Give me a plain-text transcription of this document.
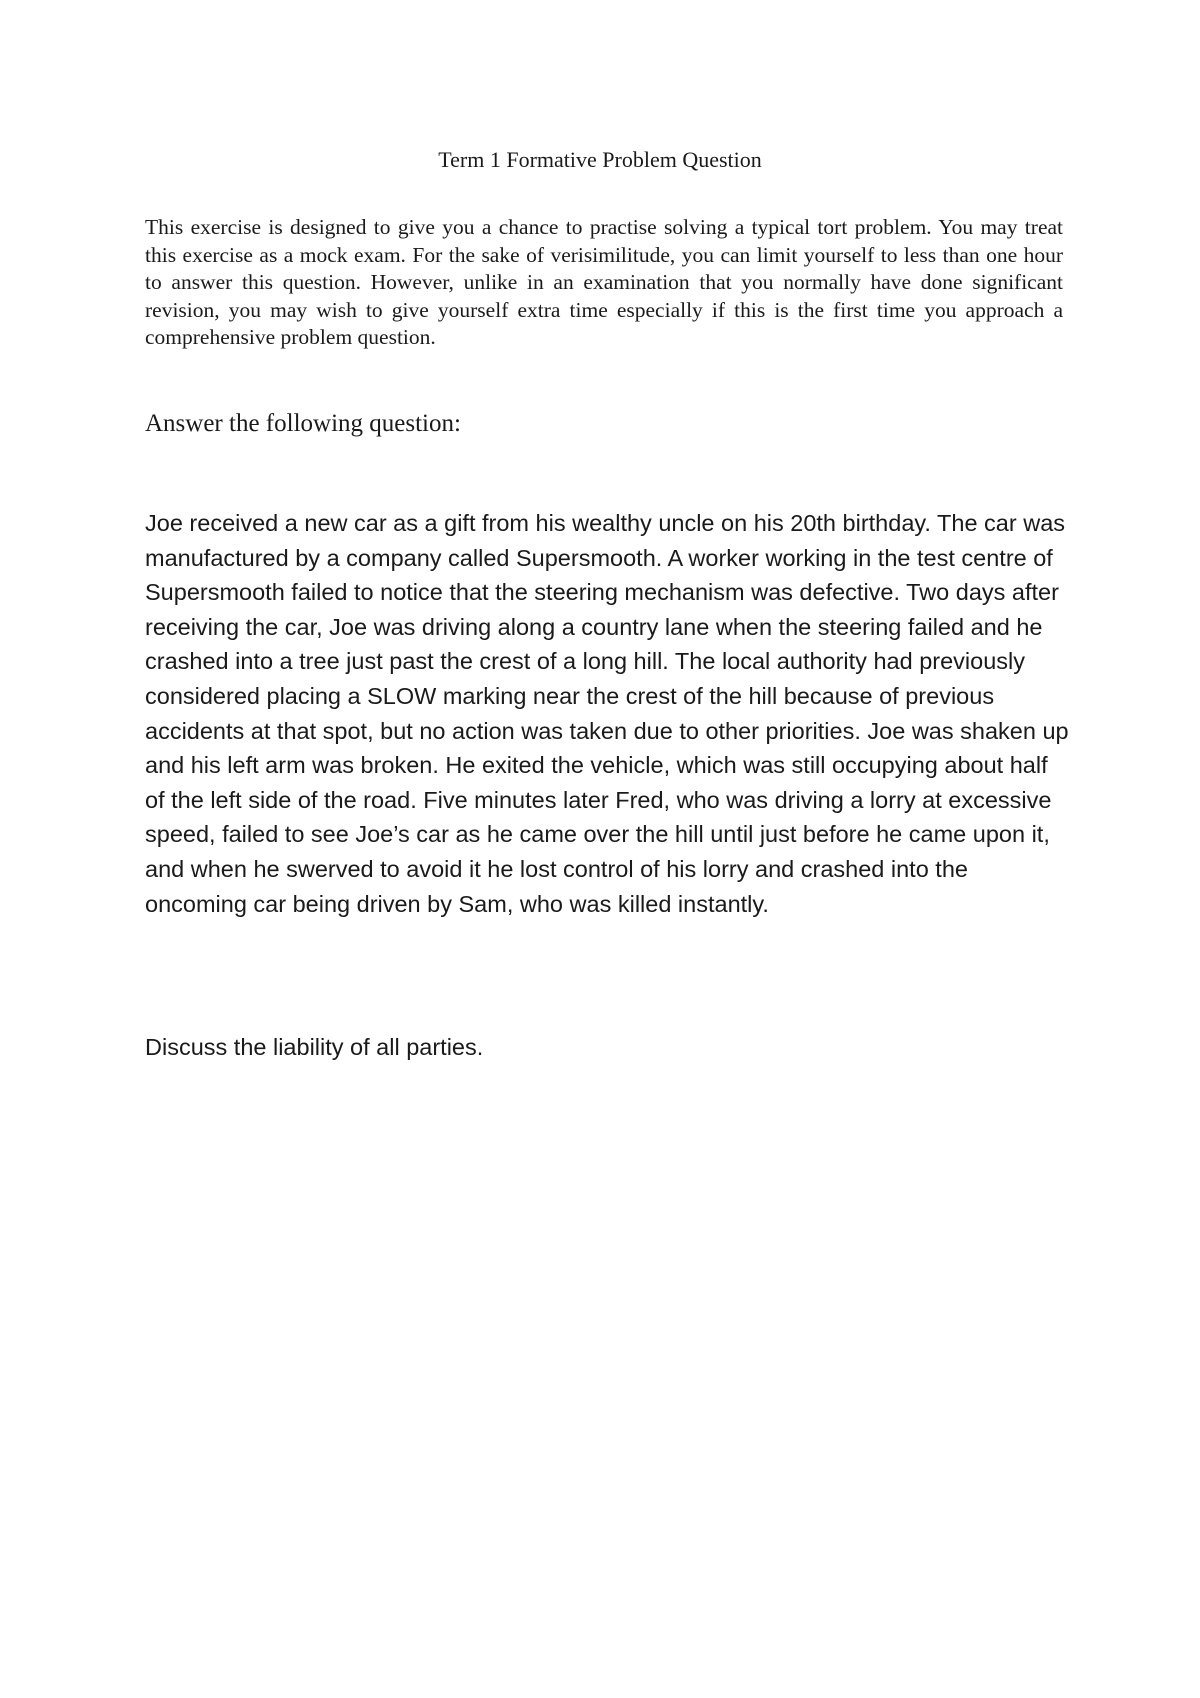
Term 1 Formative Problem Question

This exercise is designed to give you a chance to practise solving a typical tort problem. You may treat this exercise as a mock exam. For the sake of verisimilitude, you can limit yourself to less than one hour to answer this question. However, unlike in an examination that you normally have done significant revision, you may wish to give yourself extra time especially if this is the first time you approach a comprehensive problem question.

Answer the following question:

Joe received a new car as a gift from his wealthy uncle on his 20th birthday. The car was manufactured by a company called Supersmooth. A worker working in the test centre of Supersmooth failed to notice that the steering mechanism was defective. Two days after receiving the car, Joe was driving along a country lane when the steering failed and he crashed into a tree just past the crest of a long hill. The local authority had previously considered placing a SLOW marking near the crest of the hill because of previous accidents at that spot, but no action was taken due to other priorities. Joe was shaken up and his left arm was broken. He exited the vehicle, which was still occupying about half of the left side of the road. Five minutes later Fred, who was driving a lorry at excessive speed, failed to see Joe’s car as he came over the hill until just before he came upon it, and when he swerved to avoid it he lost control of his lorry and crashed into the oncoming car being driven by Sam, who was killed instantly.

Discuss the liability of all parties.
